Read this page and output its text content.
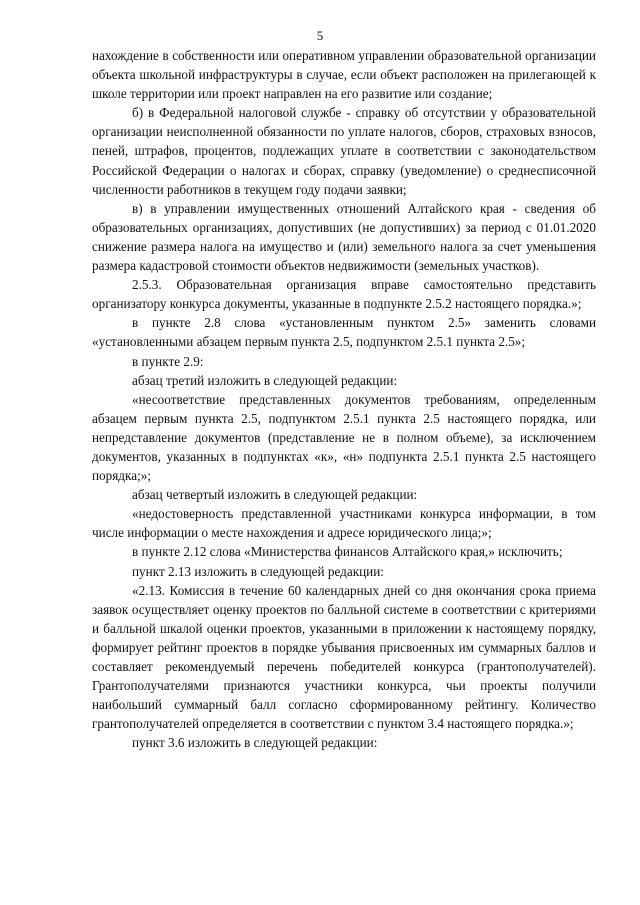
5

нахождение в собственности или оперативном управлении образовательной организации объекта школьной инфраструктуры в случае, если объект расположен на прилегающей к школе территории или проект направлен на его развитие или создание;

б) в Федеральной налоговой службе - справку об отсутствии у образовательной организации неисполненной обязанности по уплате налогов, сборов, страховых взносов, пеней, штрафов, процентов, подлежащих уплате в соответствии с законодательством Российской Федерации о налогах и сборах, справку (уведомление) о среднесписочной численности работников в текущем году подачи заявки;

в) в управлении имущественных отношений Алтайского края - сведения об образовательных организациях, допустивших (не допустивших) за период с 01.01.2020 снижение размера налога на имущество и (или) земельного налога за счет уменьшения размера кадастровой стоимости объектов недвижимости (земельных участков).

2.5.3. Образовательная организация вправе самостоятельно представить организатору конкурса документы, указанные в подпункте 2.5.2 настоящего порядка.»;

в пункте 2.8 слова «установленным пунктом 2.5» заменить словами «установленными абзацем первым пункта 2.5, подпунктом 2.5.1 пункта 2.5»;

в пункте 2.9:

абзац третий изложить в следующей редакции:

«несоответствие представленных документов требованиям, определенным абзацем первым пункта 2.5, подпунктом 2.5.1 пункта 2.5 настоящего порядка, или непредставление документов (представление не в полном объеме), за исключением документов, указанных в подпунктах «к», «н» подпункта 2.5.1 пункта 2.5 настоящего порядка;»;

абзац четвертый изложить в следующей редакции:

«недостоверность представленной участниками конкурса информации, в том числе информации о месте нахождения и адресе юридического лица;»;

в пункте 2.12 слова «Министерства финансов Алтайского края,» исключить;

пункт 2.13 изложить в следующей редакции:

«2.13. Комиссия в течение 60 календарных дней со дня окончания срока приема заявок осуществляет оценку проектов по балльной системе в соответствии с критериями и балльной шкалой оценки проектов, указанными в приложении к настоящему порядку, формирует рейтинг проектов в порядке убывания присвоенных им суммарных баллов и составляет рекомендуемый перечень победителей конкурса (грантополучателей). Грантополучателями признаются участники конкурса, чьи проекты получили наибольший суммарный балл согласно сформированному рейтингу. Количество грантополучателей определяется в соответствии с пунктом 3.4 настоящего порядка.»;

пункт 3.6 изложить в следующей редакции:
